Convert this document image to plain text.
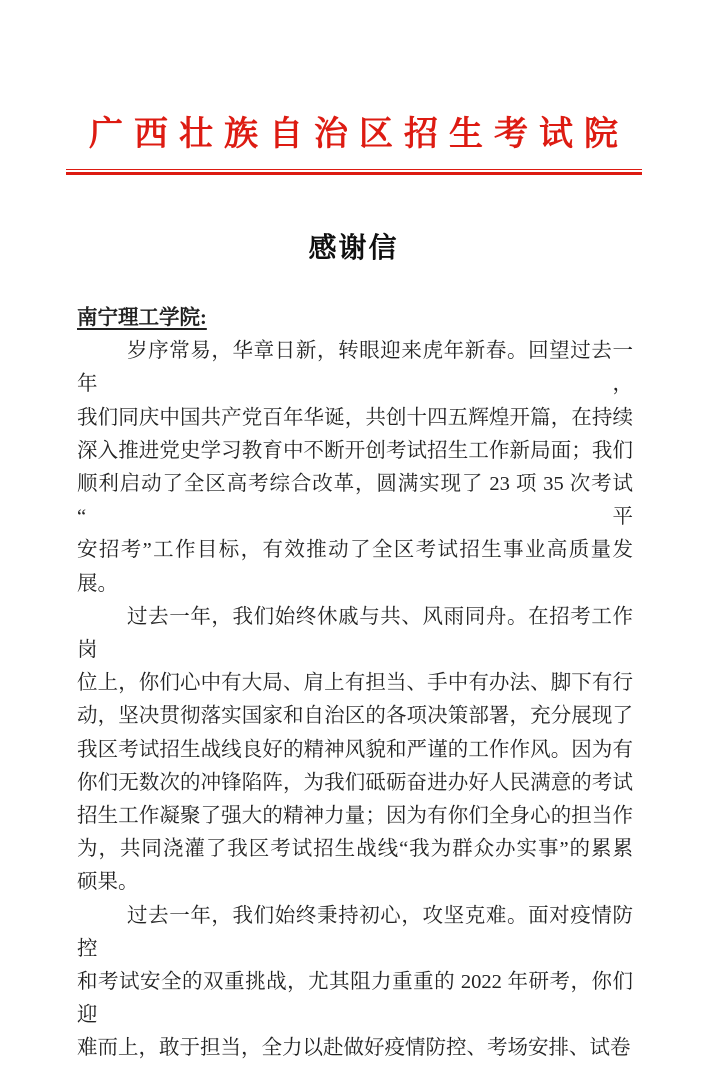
广西壮族自治区招生考试院
感谢信
南宁理工学院:
岁序常易，华章日新，转眼迎来虎年新春。回望过去一年，
我们同庆中国共产党百年华诞，共创十四五辉煌开篇，在持续
深入推进党史学习教育中不断开创考试招生工作新局面；我们
顺利启动了全区高考综合改革，圆满实现了 23 项 35 次考试“平
安招考”工作目标，有效推动了全区考试招生事业高质量发展。
过去一年，我们始终休戚与共、风雨同舟。在招考工作岗
位上，你们心中有大局、肩上有担当、手中有办法、脚下有行
动，坚决贯彻落实国家和自治区的各项决策部署，充分展现了
我区考试招生战线良好的精神风貌和严谨的工作作风。因为有
你们无数次的冲锋陷阵，为我们砥砺奋进办好人民满意的考试
招生工作凝聚了强大的精神力量；因为有你们全身心的担当作
为，共同浇灌了我区考试招生战线“我为群众办实事”的累累
硕果。
过去一年，我们始终秉持初心，攻坚克难。面对疫情防控
和考试安全的双重挑战，尤其阻力重重的 2022 年研考，你们迎
难而上，敢于担当，全力以赴做好疫情防控、考场安排、试卷
